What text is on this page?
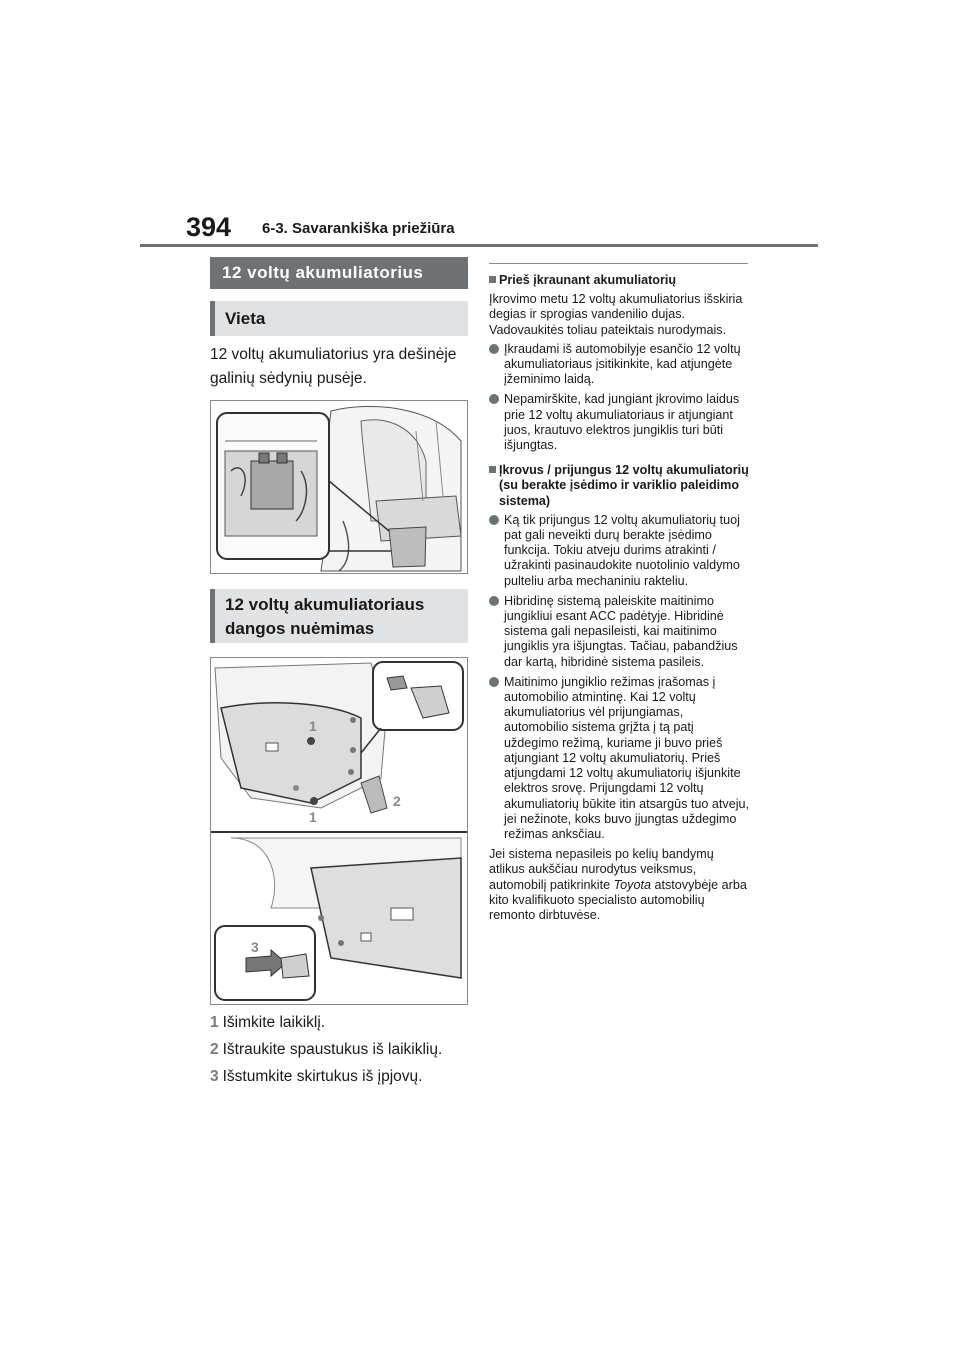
394 6-3. Savarankiška priežiūra
12 voltų akumuliatorius
Vieta
12 voltų akumuliatorius yra dešinėje galinių sėdynių pusėje.
12 voltų akumuliatoriaus
dangos nuėmimas
1
1
2
3
1 Išimkite laikiklį.
2 Ištraukite spaustukus iš laikiklių.
3 Išstumkite skirtukus iš įpjovų.
Prieš įkraunant akumuliatorių

Įkrovimo metu 12 voltų akumuliatorius išskiria degias ir sprogias vandenilio dujas. Vadovaukitės toliau pateiktais nurodymais.

Įkraudami iš automobilyje esančio 12 voltų akumuliatoriaus įsitikinkite, kad atjungėte įžeminimo laidą.
Nepamirškite, kad jungiant įkrovimo laidus prie 12 voltų akumuliatoriaus ir atjungiant juos, krautuvo elektros jungiklis turi būti išjungtas.
Įkrovus / prijungus 12 voltų akumuliatorių (su berakte įsėdimo ir variklio paleidimo sistema)
Ką tik prijungus 12 voltų akumuliatorių tuoj pat gali neveikti durų berakte įsėdimo funkcija. Tokiu atveju durims atrakinti / užrakinti pasinaudokite nuotolinio valdymo pulteliu arba mechaniniu rakteliu.
Hibridinę sistemą paleiskite maitinimo jungikliui esant ACC padėtyje. Hibridinė sistema gali nepasileisti, kai maitinimo jungiklis yra išjungtas. Tačiau, pabandžius dar kartą, hibridinė sistema pasileis.
Maitinimo jungiklio režimas įrašomas į automobilio atmintinę. Kai 12 voltų akumuliatorius vėl prijungiamas, automobilio sistema grįžta į tą patį uždegimo režimą, kuriame ji buvo prieš atjungiant 12 voltų akumuliatorių. Prieš atjungdami 12 voltų akumuliatorių išjunkite elektros srovę. Prijungdami 12 voltų akumuliatorių būkite itin atsargūs tuo atveju, jei nežinote, koks buvo įjungtas uždegimo režimas anksčiau.

Jei sistema nepasileis po kelių bandymų atlikus aukščiau nurodytus veiksmus, automobilį patikrinkite Toyota atstovybėje arba kito kvalifikuoto specialisto automobilių remonto dirbtuvėse.
